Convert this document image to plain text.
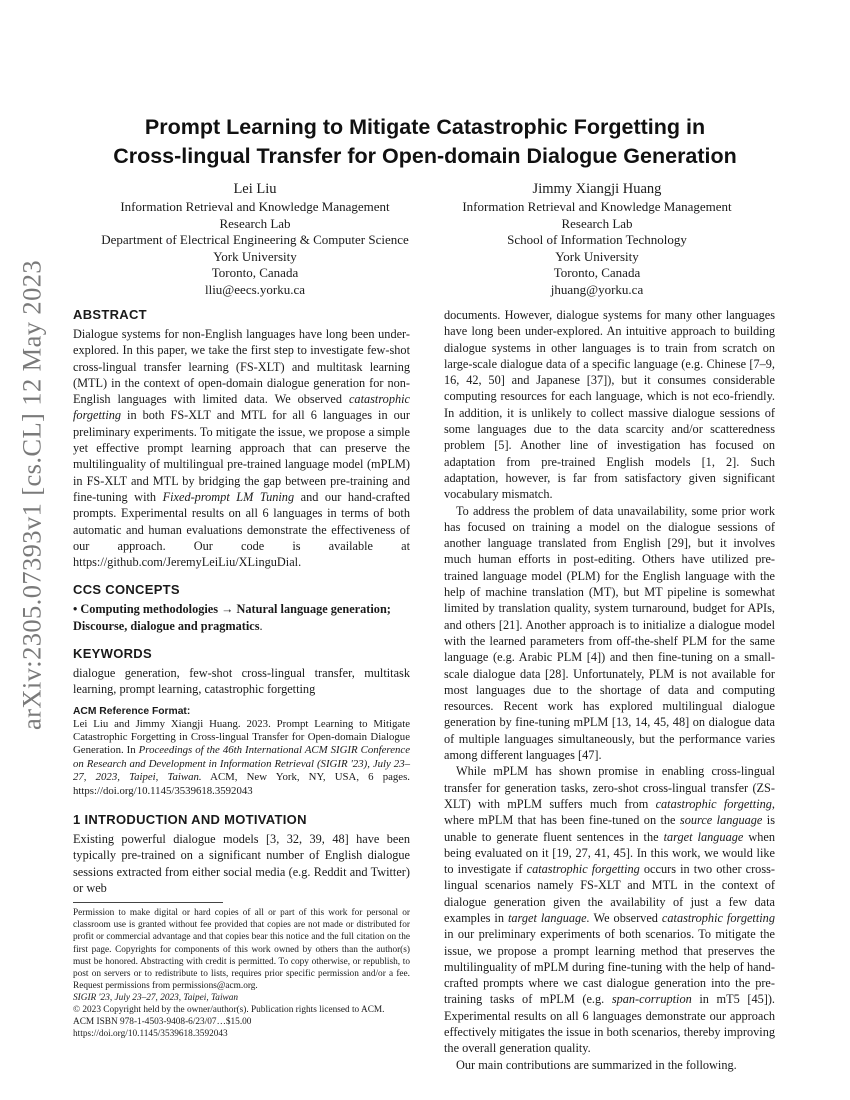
arXiv:2305.07393v1 [cs.CL] 12 May 2023
Prompt Learning to Mitigate Catastrophic Forgetting in
Cross-lingual Transfer for Open-domain Dialogue Generation
Lei Liu
Information Retrieval and Knowledge Management
Research Lab
Department of Electrical Engineering & Computer Science
York University
Toronto, Canada
lliu@eecs.yorku.ca
Jimmy Xiangji Huang
Information Retrieval and Knowledge Management
Research Lab
School of Information Technology
York University
Toronto, Canada
jhuang@yorku.ca
ABSTRACT

Dialogue systems for non-English languages have long been under-explored. In this paper, we take the first step to investigate few-shot cross-lingual transfer learning (FS-XLT) and multitask learning (MTL) in the context of open-domain dialogue generation for non-English languages with limited data. We observed catastrophic forgetting in both FS-XLT and MTL for all 6 languages in our preliminary experiments. To mitigate the issue, we propose a simple yet effective prompt learning approach that can preserve the multilinguality of multilingual pre-trained language model (mPLM) in FS-XLT and MTL by bridging the gap between pre-training and fine-tuning with Fixed-prompt LM Tuning and our hand-crafted prompts. Experimental results on all 6 languages in terms of both automatic and human evaluations demonstrate the effectiveness of our approach. Our code is available at https://github.com/JeremyLeiLiu/XLinguDial.

CCS CONCEPTS

• Computing methodologies → Natural language generation; Discourse, dialogue and pragmatics.

KEYWORDS

dialogue generation, few-shot cross-lingual transfer, multitask learning, prompt learning, catastrophic forgetting

ACM Reference Format:

Lei Liu and Jimmy Xiangji Huang. 2023. Prompt Learning to Mitigate Catastrophic Forgetting in Cross-lingual Transfer for Open-domain Dialogue Generation. In Proceedings of the 46th International ACM SIGIR Conference on Research and Development in Information Retrieval (SIGIR '23), July 23–27, 2023, Taipei, Taiwan. ACM, New York, NY, USA, 6 pages. https://doi.org/10.1145/3539618.3592043

1 INTRODUCTION AND MOTIVATION

Existing powerful dialogue models [3, 32, 39, 48] have been typically pre-trained on a significant number of English dialogue sessions extracted from either social media (e.g. Reddit and Twitter) or web

Permission to make digital or hard copies of all or part of this work for personal or classroom use is granted without fee provided that copies are not made or distributed for profit or commercial advantage and that copies bear this notice and the full citation on the first page. Copyrights for components of this work owned by others than the author(s) must be honored. Abstracting with credit is permitted. To copy otherwise, or republish, to post on servers or to redistribute to lists, requires prior specific permission and/or a fee. Request permissions from permissions@acm.org.
SIGIR '23, July 23–27, 2023, Taipei, Taiwan
© 2023 Copyright held by the owner/author(s). Publication rights licensed to ACM.
ACM ISBN 978-1-4503-9408-6/23/07…$15.00
https://doi.org/10.1145/3539618.3592043

documents. However, dialogue systems for many other languages have long been under-explored. An intuitive approach to building dialogue systems in other languages is to train from scratch on large-scale dialogue data of a specific language (e.g. Chinese [7–9, 16, 42, 50] and Japanese [37]), but it consumes considerable computing resources for each language, which is not eco-friendly. In addition, it is unlikely to collect massive dialogue sessions of some languages due to the data scarcity and/or scatteredness problem [5]. Another line of investigation has focused on adaptation from pre-trained English models [1, 2]. Such adaptation, however, is far from satisfactory given significant vocabulary mismatch.

To address the problem of data unavailability, some prior work has focused on training a model on the dialogue sessions of another language translated from English [29], but it involves much human efforts in post-editing. Others have utilized pre-trained language model (PLM) for the English language with the help of machine translation (MT), but MT pipeline is somewhat limited by translation quality, system turnaround, budget for APIs, and others [21]. Another approach is to initialize a dialogue model with the learned parameters from off-the-shelf PLM for the same language (e.g. Arabic PLM [4]) and then fine-tuning on a small-scale dialogue data [28]. Unfortunately, PLM is not available for most languages due to the shortage of data and computing resources. Recent work has explored multilingual dialogue generation by fine-tuning mPLM [13, 14, 45, 48] on dialogue data of multiple languages simultaneously, but the performance varies among different languages [47].

While mPLM has shown promise in enabling cross-lingual transfer for generation tasks, zero-shot cross-lingual transfer (ZS-XLT) with mPLM suffers much from catastrophic forgetting, where mPLM that has been fine-tuned on the source language is unable to generate fluent sentences in the target language when being evaluated on it [19, 27, 41, 45]. In this work, we would like to investigate if catastrophic forgetting occurs in two other cross-lingual scenarios namely FS-XLT and MTL in the context of dialogue generation given the availability of just a few data examples in target language. We observed catastrophic forgetting in our preliminary experiments of both scenarios. To mitigate the issue, we propose a prompt learning method that preserves the multilinguality of mPLM during fine-tuning with the help of hand-crafted prompts where we cast dialogue generation into the pre-training tasks of mPLM (e.g. span-corruption in mT5 [45]). Experimental results on all 6 languages demonstrate our approach effectively mitigates the issue in both scenarios, thereby improving the overall generation quality.

Our main contributions are summarized in the following.
